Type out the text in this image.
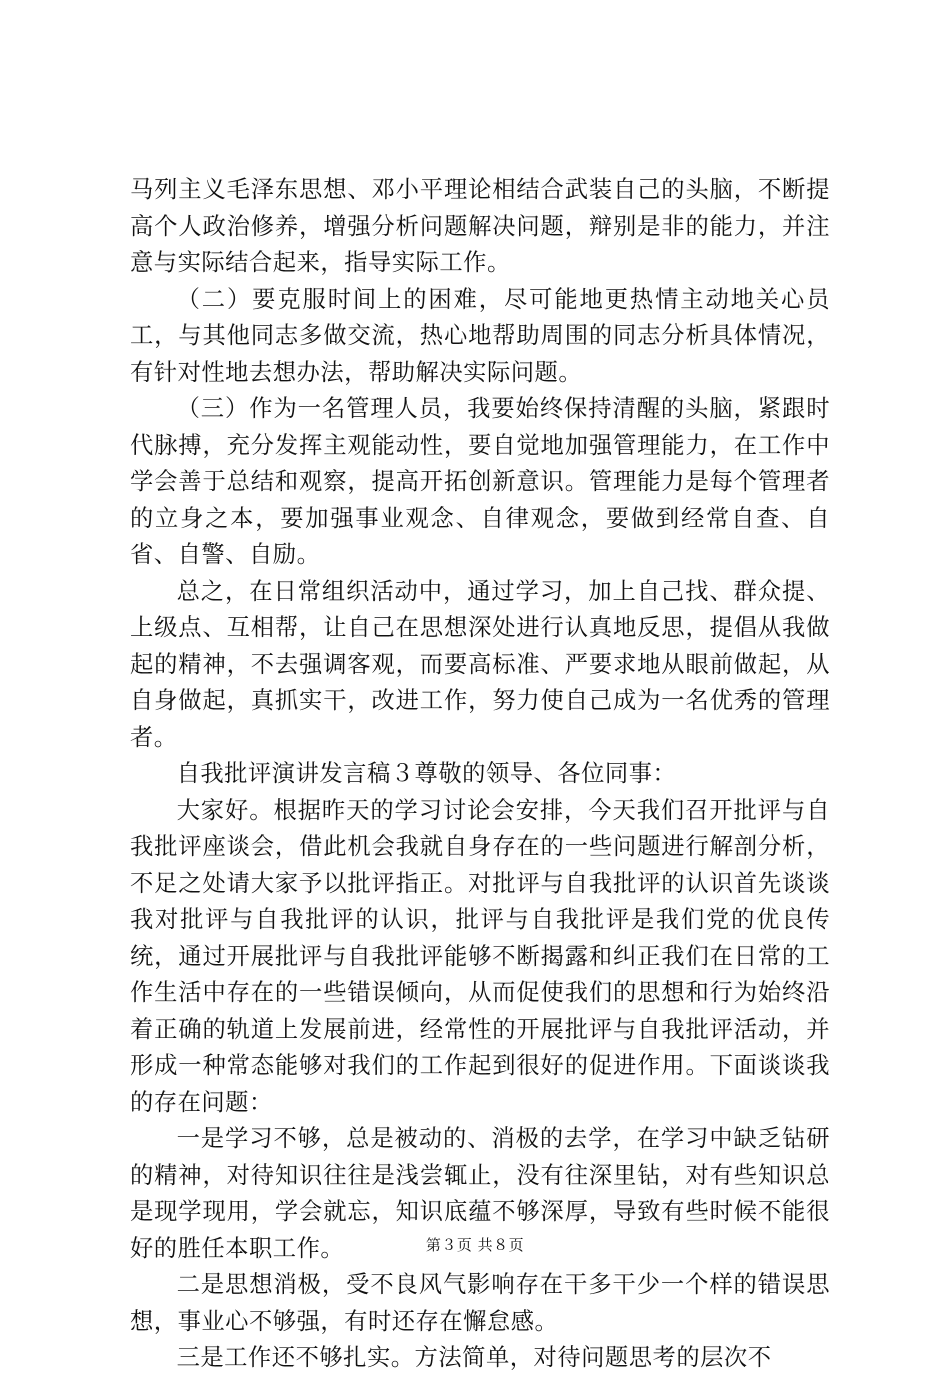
马列主义毛泽东思想、邓小平理论相结合武装自己的头脑，不断提高个人政治修养，增强分析问题解决问题，辩别是非的能力，并注意与实际结合起来，指导实际工作。

（二）要克服时间上的困难，尽可能地更热情主动地关心员工，与其他同志多做交流，热心地帮助周围的同志分析具体情况，有针对性地去想办法，帮助解决实际问题。

（三）作为一名管理人员，我要始终保持清醒的头脑，紧跟时代脉搏，充分发挥主观能动性，要自觉地加强管理能力，在工作中学会善于总结和观察，提高开拓创新意识。管理能力是每个管理者的立身之本，要加强事业观念、自律观念，要做到经常自查、自省、自警、自励。

总之，在日常组织活动中，通过学习，加上自己找、群众提、上级点、互相帮，让自己在思想深处进行认真地反思，提倡从我做起的精神，不去强调客观，而要高标准、严要求地从眼前做起，从自身做起，真抓实干，改进工作，努力使自己成为一名优秀的管理者。

自我批评演讲发言稿３尊敬的领导、各位同事：

大家好。根据昨天的学习讨论会安排，今天我们召开批评与自我批评座谈会，借此机会我就自身存在的一些问题进行解剖分析，不足之处请大家予以批评指正。对批评与自我批评的认识首先谈谈我对批评与自我批评的认识，批评与自我批评是我们党的优良传统，通过开展批评与自我批评能够不断揭露和纠正我们在日常的工作生活中存在的一些错误倾向，从而促使我们的思想和行为始终沿着正确的轨道上发展前进，经常性的开展批评与自我批评活动，并形成一种常态能够对我们的工作起到很好的促进作用。下面谈谈我的存在问题：

一是学习不够，总是被动的、消极的去学，在学习中缺乏钻研的精神，对待知识往往是浅尝辄止，没有往深里钻，对有些知识总是现学现用，学会就忘，知识底蕴不够深厚，导致有些时候不能很好的胜任本职工作。

二是思想消极，受不良风气影响存在干多干少一个样的错误思想，事业心不够强，有时还存在懈怠感。

三是工作还不够扎实。方法简单，对待问题思考的层次不

第３页 共８页
